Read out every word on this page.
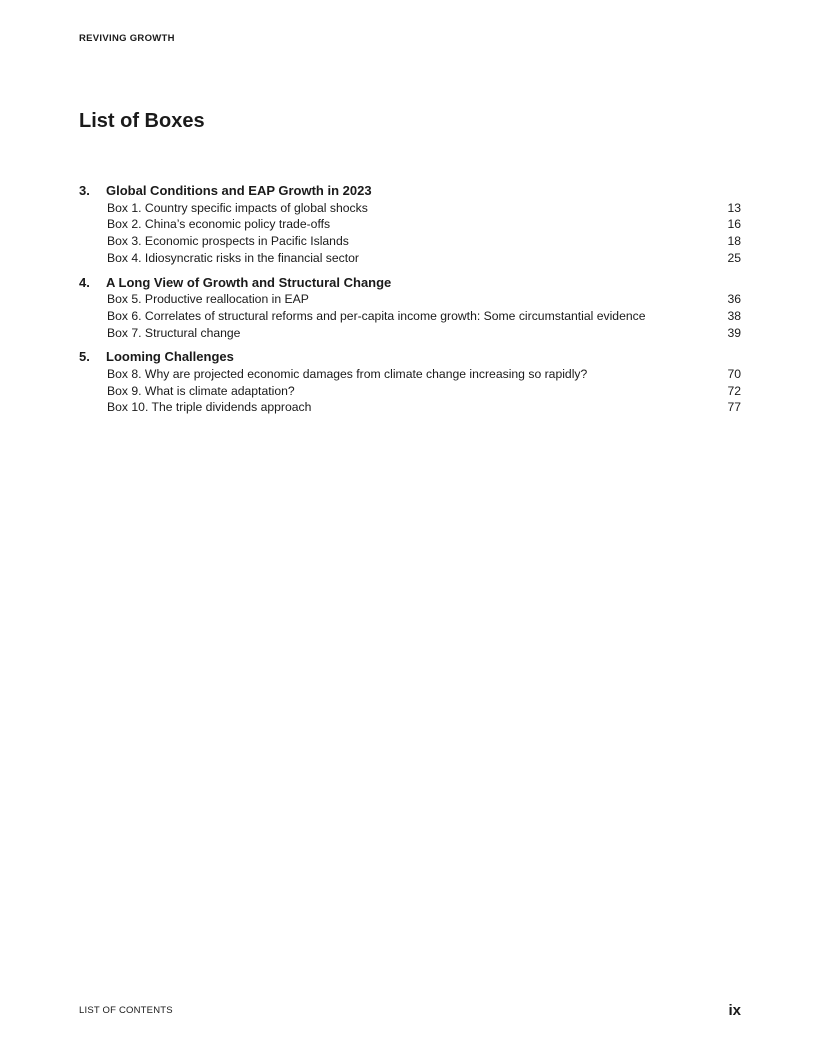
REVIVING GROWTH
List of Boxes
3.	Global Conditions and EAP Growth in 2023
Box 1. Country specific impacts of global shocks	13
Box 2. China’s economic policy trade-offs	16
Box 3. Economic prospects in Pacific Islands	18
Box 4. Idiosyncratic risks in the financial sector	25
4.	A Long View of Growth and Structural Change
Box 5. Productive reallocation in EAP	36
Box 6. Correlates of structural reforms and per-capita income growth: Some circumstantial evidence	38
Box 7. Structural change	39
5.	Looming Challenges
Box 8. Why are projected economic damages from climate change increasing so rapidly?	70
Box 9. What is climate adaptation?	72
Box 10. The triple dividends approach	77
LIST OF CONTENTS	ix
